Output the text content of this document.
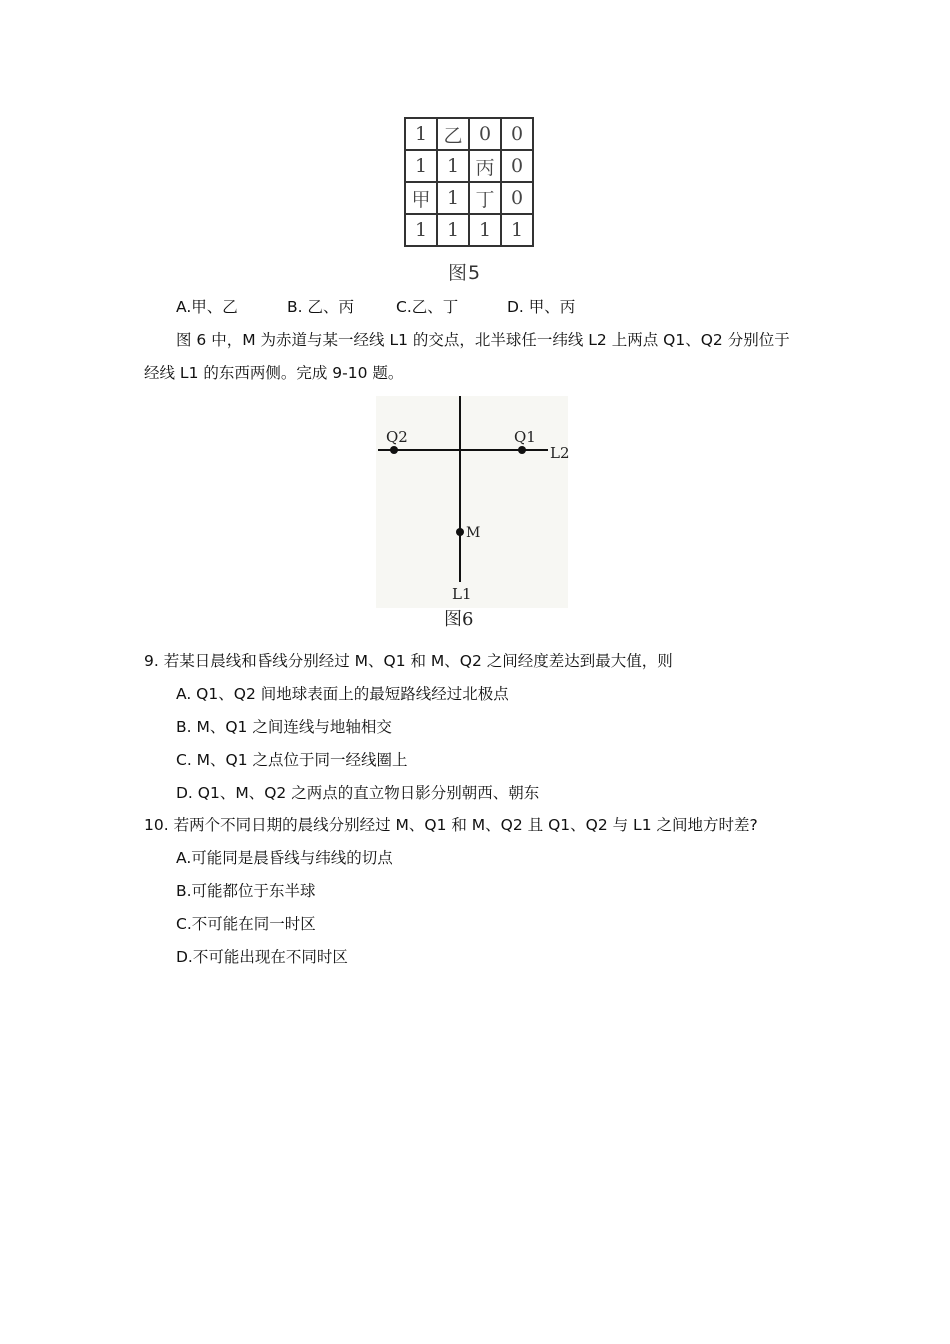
1	乙	0	0
1	1	丙	0
甲	1	丁	0
1	1	1	1
图5
A.甲、乙	B. 乙、丙	C.乙、丁	D. 甲、丙
图 6 中，M 为赤道与某一经线 L1 的交点，北半球任一纬线 L2 上两点 Q1、Q2 分别位于
经线 L1 的东西两侧。完成 9-10 题。
Q2	Q1
L2
M
L1
图6
9. 若某日晨线和昏线分别经过 M、Q1 和 M、Q2 之间经度差达到最大值，则
A. Q1、Q2 间地球表面上的最短路线经过北极点
B. M、Q1 之间连线与地轴相交
C. M、Q1 之点位于同一经线圈上
D. Q1、M、Q2 之两点的直立物日影分别朝西、朝东
10. 若两个不同日期的晨线分别经过 M、Q1 和 M、Q2 且 Q1、Q2 与 L1 之间地方时差?
A.可能同是晨昏线与纬线的切点
B.可能都位于东半球
C.不可能在同一时区
D.不可能出现在不同时区
